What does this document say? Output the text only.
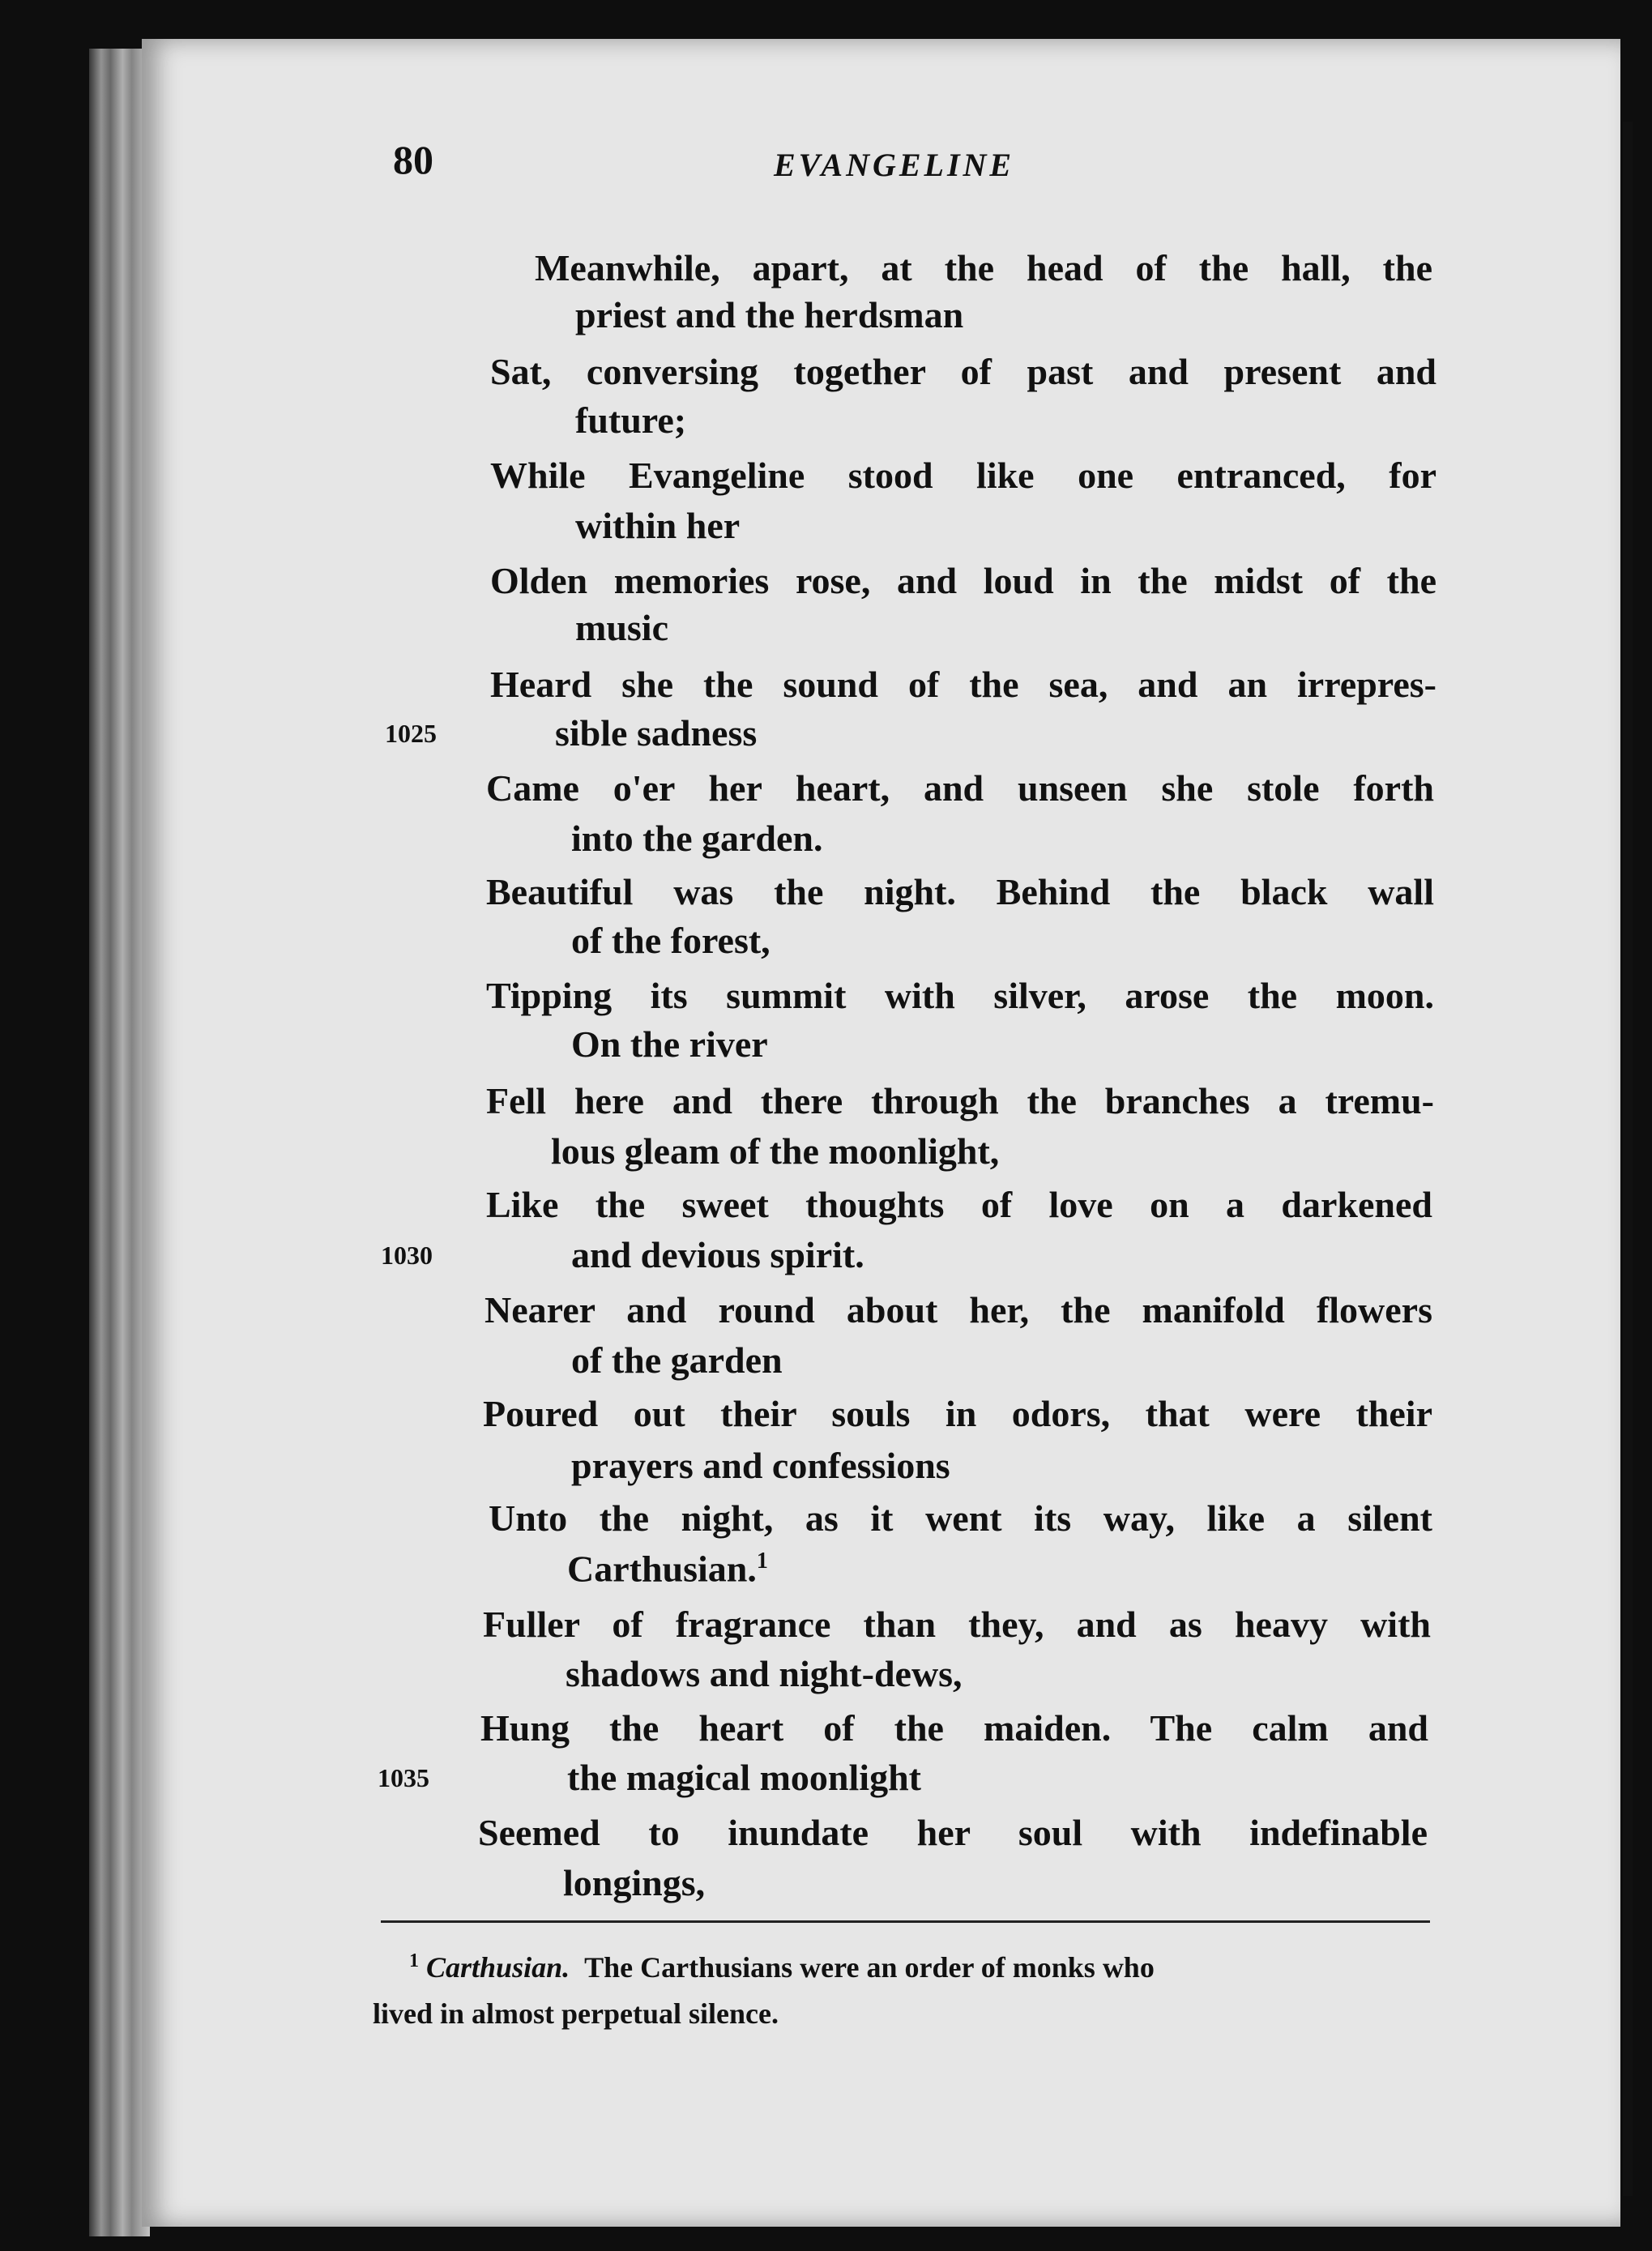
80	EVANGELINE
Meanwhile, apart, at the head of the hall, the
priest and the herdsman
Sat, conversing together of past and present and
future;
While Evangeline stood like one entranced, for
within her
Olden memories rose, and loud in the midst of the
music
Heard she the sound of the sea, and an irrepres-
1025	sible sadness
Came o'er her heart, and unseen she stole forth
into the garden.
Beautiful was the night. Behind the black wall
of the forest,
Tipping its summit with silver, arose the moon.
On the river
Fell here and there through the branches a tremu-
lous gleam of the moonlight,
Like the sweet thoughts of love on a darkened
1030	and devious spirit.
Nearer and round about her, the manifold flowers
of the garden
Poured out their souls in odors, that were their
prayers and confessions
Unto the night, as it went its way, like a silent
Carthusian.$^1$
Fuller of fragrance than they, and as heavy with
shadows and night-dews,
Hung the heart of the maiden. The calm and
1035	the magical moonlight
Seemed to inundate her soul with indefinable
longings,
$^1$ Carthusian. The Carthusians were an order of monks who
lived in almost perpetual silence.
